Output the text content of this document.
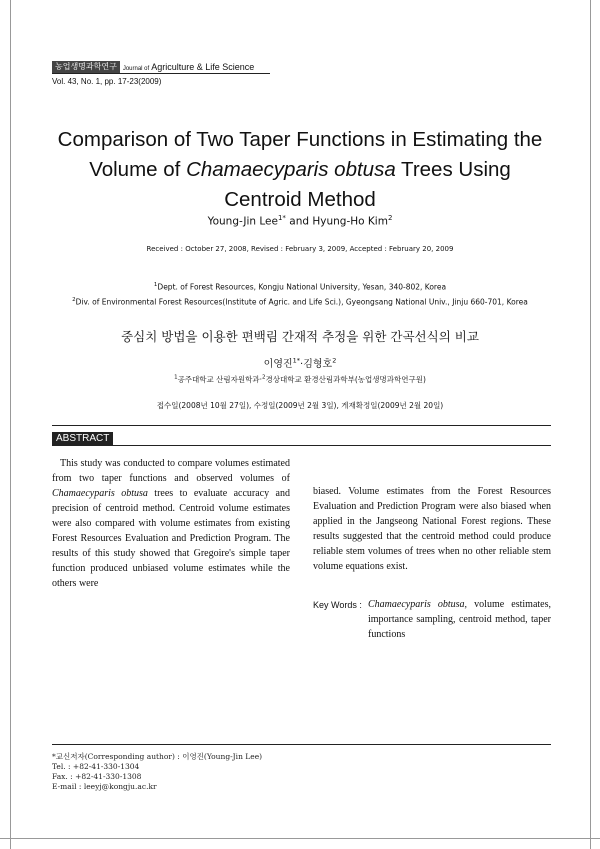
농업생명과학연구	Journal of Agriculture & Life Science
Vol. 43, No. 1, pp. 17-23(2009)
Comparison of Two Taper Functions in Estimating the
Volume of Chamaecyparis obtusa Trees Using
Centroid Method
Young-Jin Lee$^{1*}$ and Hyung-Ho Kim$^2$
Received : October 27, 2008, Revised : February 3, 2009, Accepted : February 20, 2009
$^1$Dept. of Forest Resources, Kongju National University, Yesan, 340-802, Korea
$^2$Div. of Environmental Forest Resources(Institute of Agric. and Life Sci.), Gyeongsang National Univ., Jinju 660-701, Korea
중심치 방법을 이용한 편백림 간재적 추정을 위한 간곡선식의 비교
이영진$^{1*}$·김형호$^2$
$^1$공주대학교 산림자원학과·$^2$경상대학교 환경산림과학부(농업생명과학연구원)
접수일(2008년 10월 27일), 수정일(2009년 2월 3일), 게재확정일(2009년 2월 20일)
ABSTRACT

This study was conducted to compare volumes estimated from two taper functions and observed volumes of Chamaecyparis obtusa trees to evaluate accuracy and precision of centroid method. Centroid volume estimates were also compared with volume estimates from existing Forest Resources Evaluation and Prediction Program. The results of this study showed that Gregoire's simple taper function produced unbiased volume estimates while the others were

biased. Volume estimates from the Forest Resources Evaluation and Prediction Program were also biased when applied in the Jangseong National Forest regions. These results suggested that the centroid method could produce reliable stem volumes of trees when no other reliable stem volume equations exist.

Key Words : Chamaecyparis obtusa, volume estimates, importance sampling, centroid method, taper functions
*교신저자(Corresponding author) : 이영진(Young-Jin Lee)
Tel. : +82-41-330-1304
Fax. : +82-41-330-1308
E-mail : leeyj@kongju.ac.kr
